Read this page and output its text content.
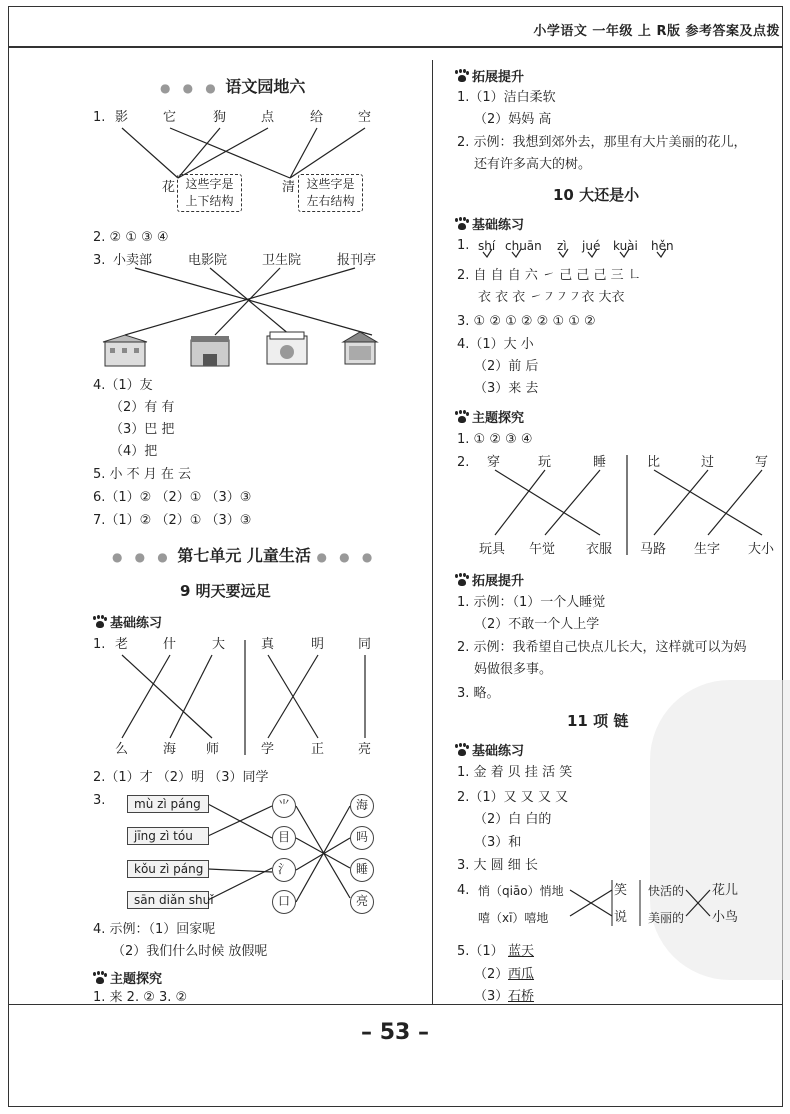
小学语文 一年级 上 R版 参考答案及点拨
● ● ● 语文园地六
1. 影	它	狗	点	给	空
花 这些字是
上下结构
清 这些字是
左右结构
2. ② ① ③ ④
3. 小卖部	电影院	卫生院	报刊亭
4.（1）友
（2）有 有
（3）巴 把
（4）把
5. 小 不 月 在 云
6.（1）② （2）① （3）③
7.（1）② （2）① （3）③
● ● ● 第七单元 儿童生活 ● ● ●
9 明天要远足
基础练习
1. 老	什	大	真	明	同
么	海 师	学	正	亮
2.（1）才 （2）明 （3）同学
3.	mù zì páng
jīng zì tóu
kǒu zì páng
sān diǎn shuǐ
⺌
目
氵
口
海
吗
睡
亮
4. 示例：（1）回家呢
（2）我们什么时候 放假呢
主题探究
1. 来 2. ② 3. ②
拓展提升
1.（1）洁白柔软
（2）妈妈 高
2. 示例：我想到郊外去，那里有大片美丽的花儿，
还有许多高大的树。
10 大还是小
基础练习
1. shí chuān zì jué kuài hěn
2. 自 自 自 六 ㇀ 己 己 己 三 ㇗
衣 衣 衣 ㇀㇇㇇㇇衣 大衣
3. ① ② ① ② ② ① ① ②
4.（1）大 小
（2）前 后
（3）来 去
主题探究
1. ① ② ③ ④
2. 穿	玩	睡	比	过	写
玩具 午觉 衣服 马路 生字 大小
拓展提升
1. 示例：（1）一个人睡觉
（2）不敢一个人上学
2. 示例：我希望自己快点儿长大，这样就可以为妈
妈做很多事。
3. 略。
11 项 链
基础练习
1. 金 着 贝 挂 活 笑
2.（1）又 又 又 又
（2）白 白的
（3）和
3. 大 圆 细 长
4. 悄（qiāo）悄地
嘻（xī）嘻地
笑
说
快活的
美丽的
花儿
小鸟
5.（1） 蓝天
（2） 西瓜
（3） 石桥
– 53 –
